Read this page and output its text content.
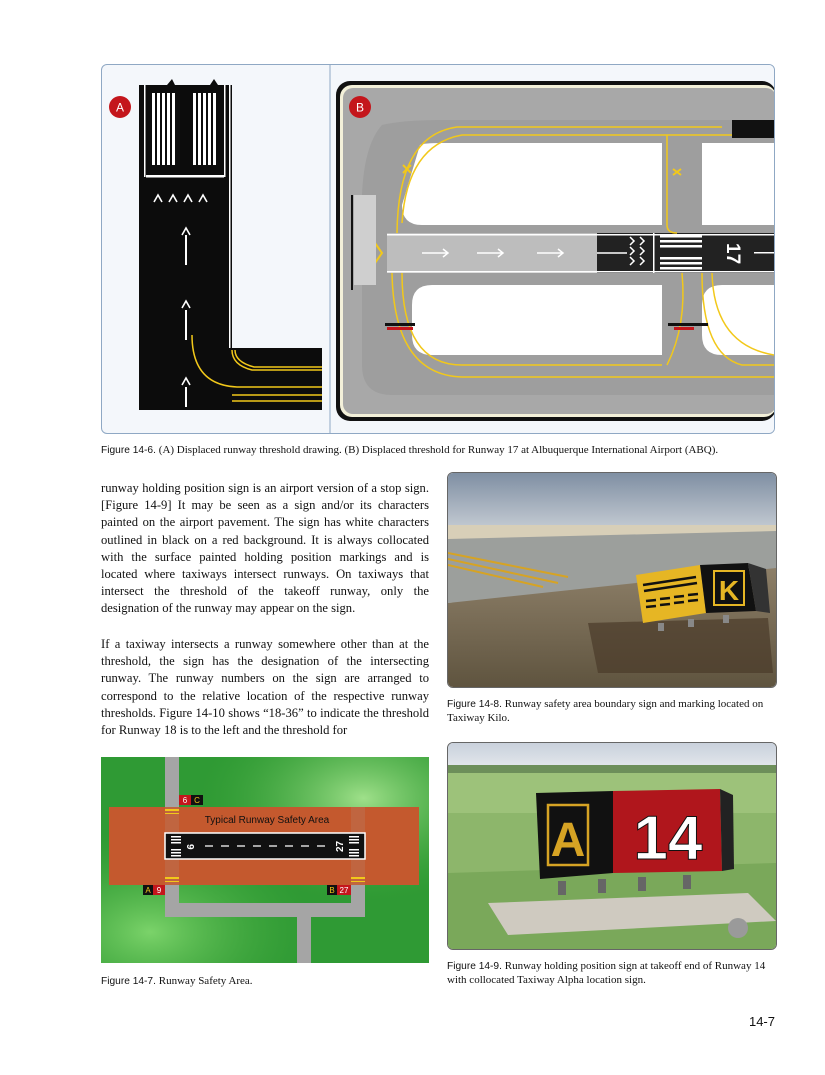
A
17
B
Figure 14-6. (A) Displaced runway threshold drawing. (B) Displaced threshold for Runway 17 at Albuquerque International Airport (ABQ).
runway holding position sign is an airport version of a stop sign. [Figure 14-9] It may be seen as a sign and/or its characters painted on the airport pavement. The sign has white characters outlined in black on a red background. It is always collocated with the surface painted holding position markings and is located where taxiways intersect runways. On taxiways that intersect the threshold of the takeoff runway, only the designation of the runway may appear on the sign.
If a taxiway intersects a runway somewhere other than at the threshold, the sign has the designation of the intersecting runway. The runway numbers on the sign are arranged to correspond to the relative location of the respective runway thresholds. Figure 14-10 shows “18-36” to indicate the threshold for Runway 18 is to the left and the threshold for
K
Figure 14-8. Runway safety area boundary sign and marking located on Taxiway Kilo.
Typical Runway Safety Area
9	27
6 C
A 9	B 27
Figure 14-7. Runway Safety Area.
A 14
Figure 14-9. Runway holding position sign at takeoff end of Runway 14 with collocated Taxiway Alpha location sign.
14-7
